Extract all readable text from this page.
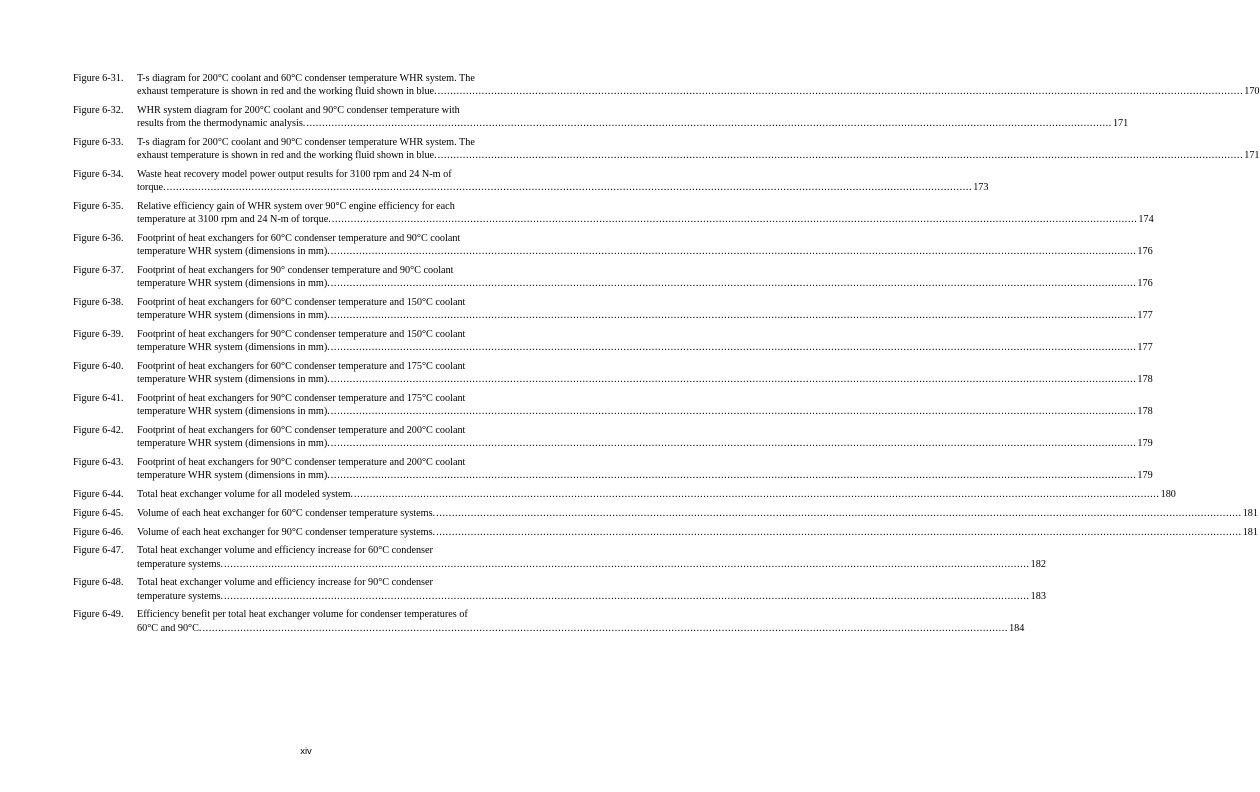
Figure 6-31.	T-s diagram for 200°C coolant and 60°C condenser temperature WHR system. The
exhaust temperature is shown in red and the working fluid shown in blue. .....	170
Figure 6-32.	WHR system diagram for 200°C coolant and 90°C condenser temperature with
results from the thermodynamic analysis. .....	171
Figure 6-33.	T-s diagram for 200°C coolant and 90°C condenser temperature WHR system. The
exhaust temperature is shown in red and the working fluid shown in blue. .....	171
Figure 6-34.	Waste heat recovery model power output results for 3100 rpm and 24 N-m of
torque. .....	173
Figure 6-35.	Relative efficiency gain of WHR system over 90°C engine efficiency for each
temperature at 3100 rpm and 24 N-m of torque. .....	174
Figure 6-36.	Footprint of heat exchangers for 60°C condenser temperature and 90°C coolant
temperature WHR system (dimensions in mm). .....	176
Figure 6-37.	Footprint of heat exchangers for 90° condenser temperature and 90°C coolant
temperature WHR system (dimensions in mm). .....	176
Figure 6-38.	Footprint of heat exchangers for 60°C condenser temperature and 150°C coolant
temperature WHR system (dimensions in mm). .....	177
Figure 6-39.	Footprint of heat exchangers for 90°C condenser temperature and 150°C coolant
temperature WHR system (dimensions in mm). .....	177
Figure 6-40.	Footprint of heat exchangers for 60°C condenser temperature and 175°C coolant
temperature WHR system (dimensions in mm). .....	178
Figure 6-41.	Footprint of heat exchangers for 90°C condenser temperature and 175°C coolant
temperature WHR system (dimensions in mm). .....	178
Figure 6-42.	Footprint of heat exchangers for 60°C condenser temperature and 200°C coolant
temperature WHR system (dimensions in mm). .....	179
Figure 6-43.	Footprint of heat exchangers for 90°C condenser temperature and 200°C coolant
temperature WHR system (dimensions in mm). .....	179
Figure 6-44.	Total heat exchanger volume for all modeled system. .....	180
Figure 6-45.	Volume of each heat exchanger for 60°C condenser temperature systems. .....	181
Figure 6-46.	Volume of each heat exchanger for 90°C condenser temperature systems. .....	181
Figure 6-47.	Total heat exchanger volume and efficiency increase for 60°C condenser
temperature systems. .....	182
Figure 6-48.	Total heat exchanger volume and efficiency increase for 90°C condenser
temperature systems. .....	183
Figure 6-49.	Efficiency benefit per total heat exchanger volume for condenser temperatures of
60°C and 90°C. .....	184
xiv
